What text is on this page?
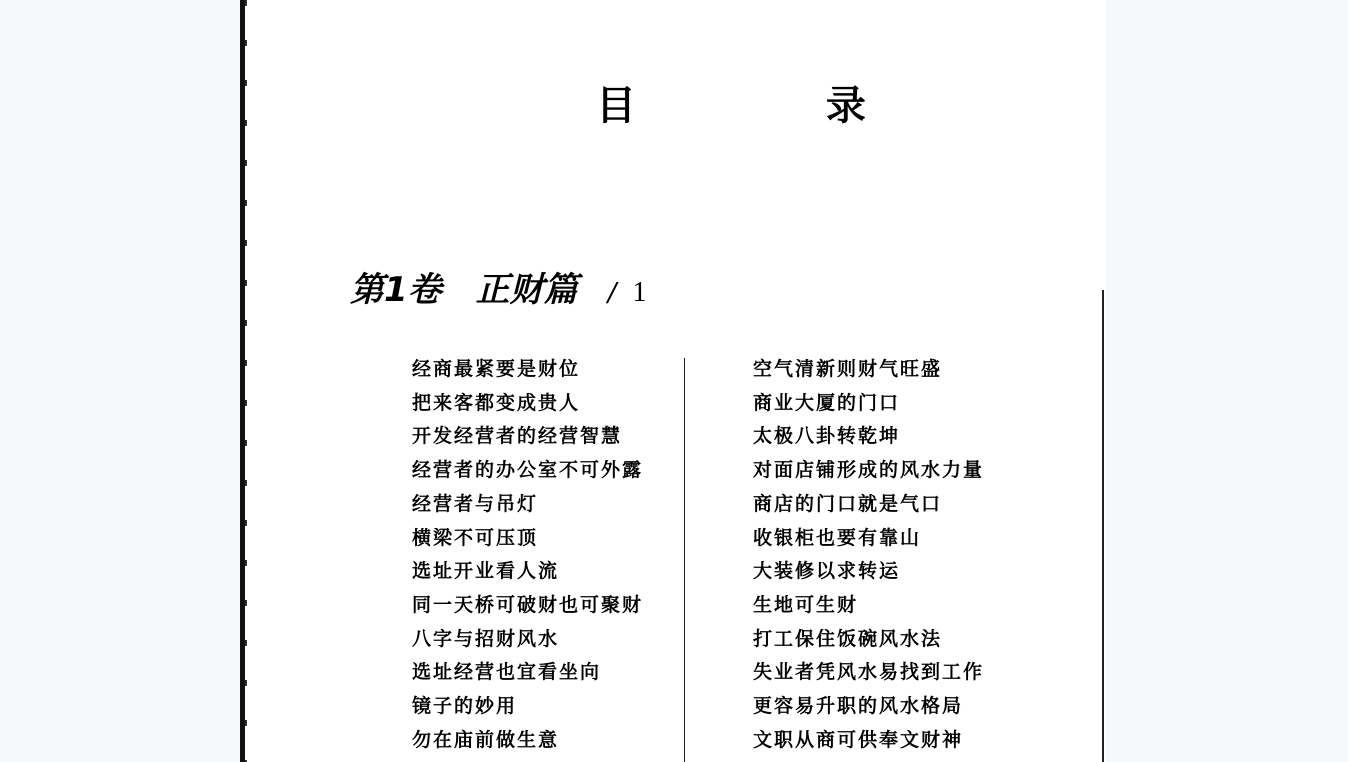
目 录
第1卷　正财篇 / 1
经商最紧要是财位
把来客都变成贵人
开发经营者的经营智慧
经营者的办公室不可外露
经营者与吊灯
横梁不可压顶
选址开业看人流
同一天桥可破财也可聚财
八字与招财风水
选址经营也宜看坐向
镜子的妙用
勿在庙前做生意
空气清新则财气旺盛
商业大厦的门口
太极八卦转乾坤
对面店铺形成的风水力量
商店的门口就是气口
收银柜也要有靠山
大装修以求转运
生地可生财
打工保住饭碗风水法
失业者凭风水易找到工作
更容易升职的风水格局
文职从商可供奉文财神
